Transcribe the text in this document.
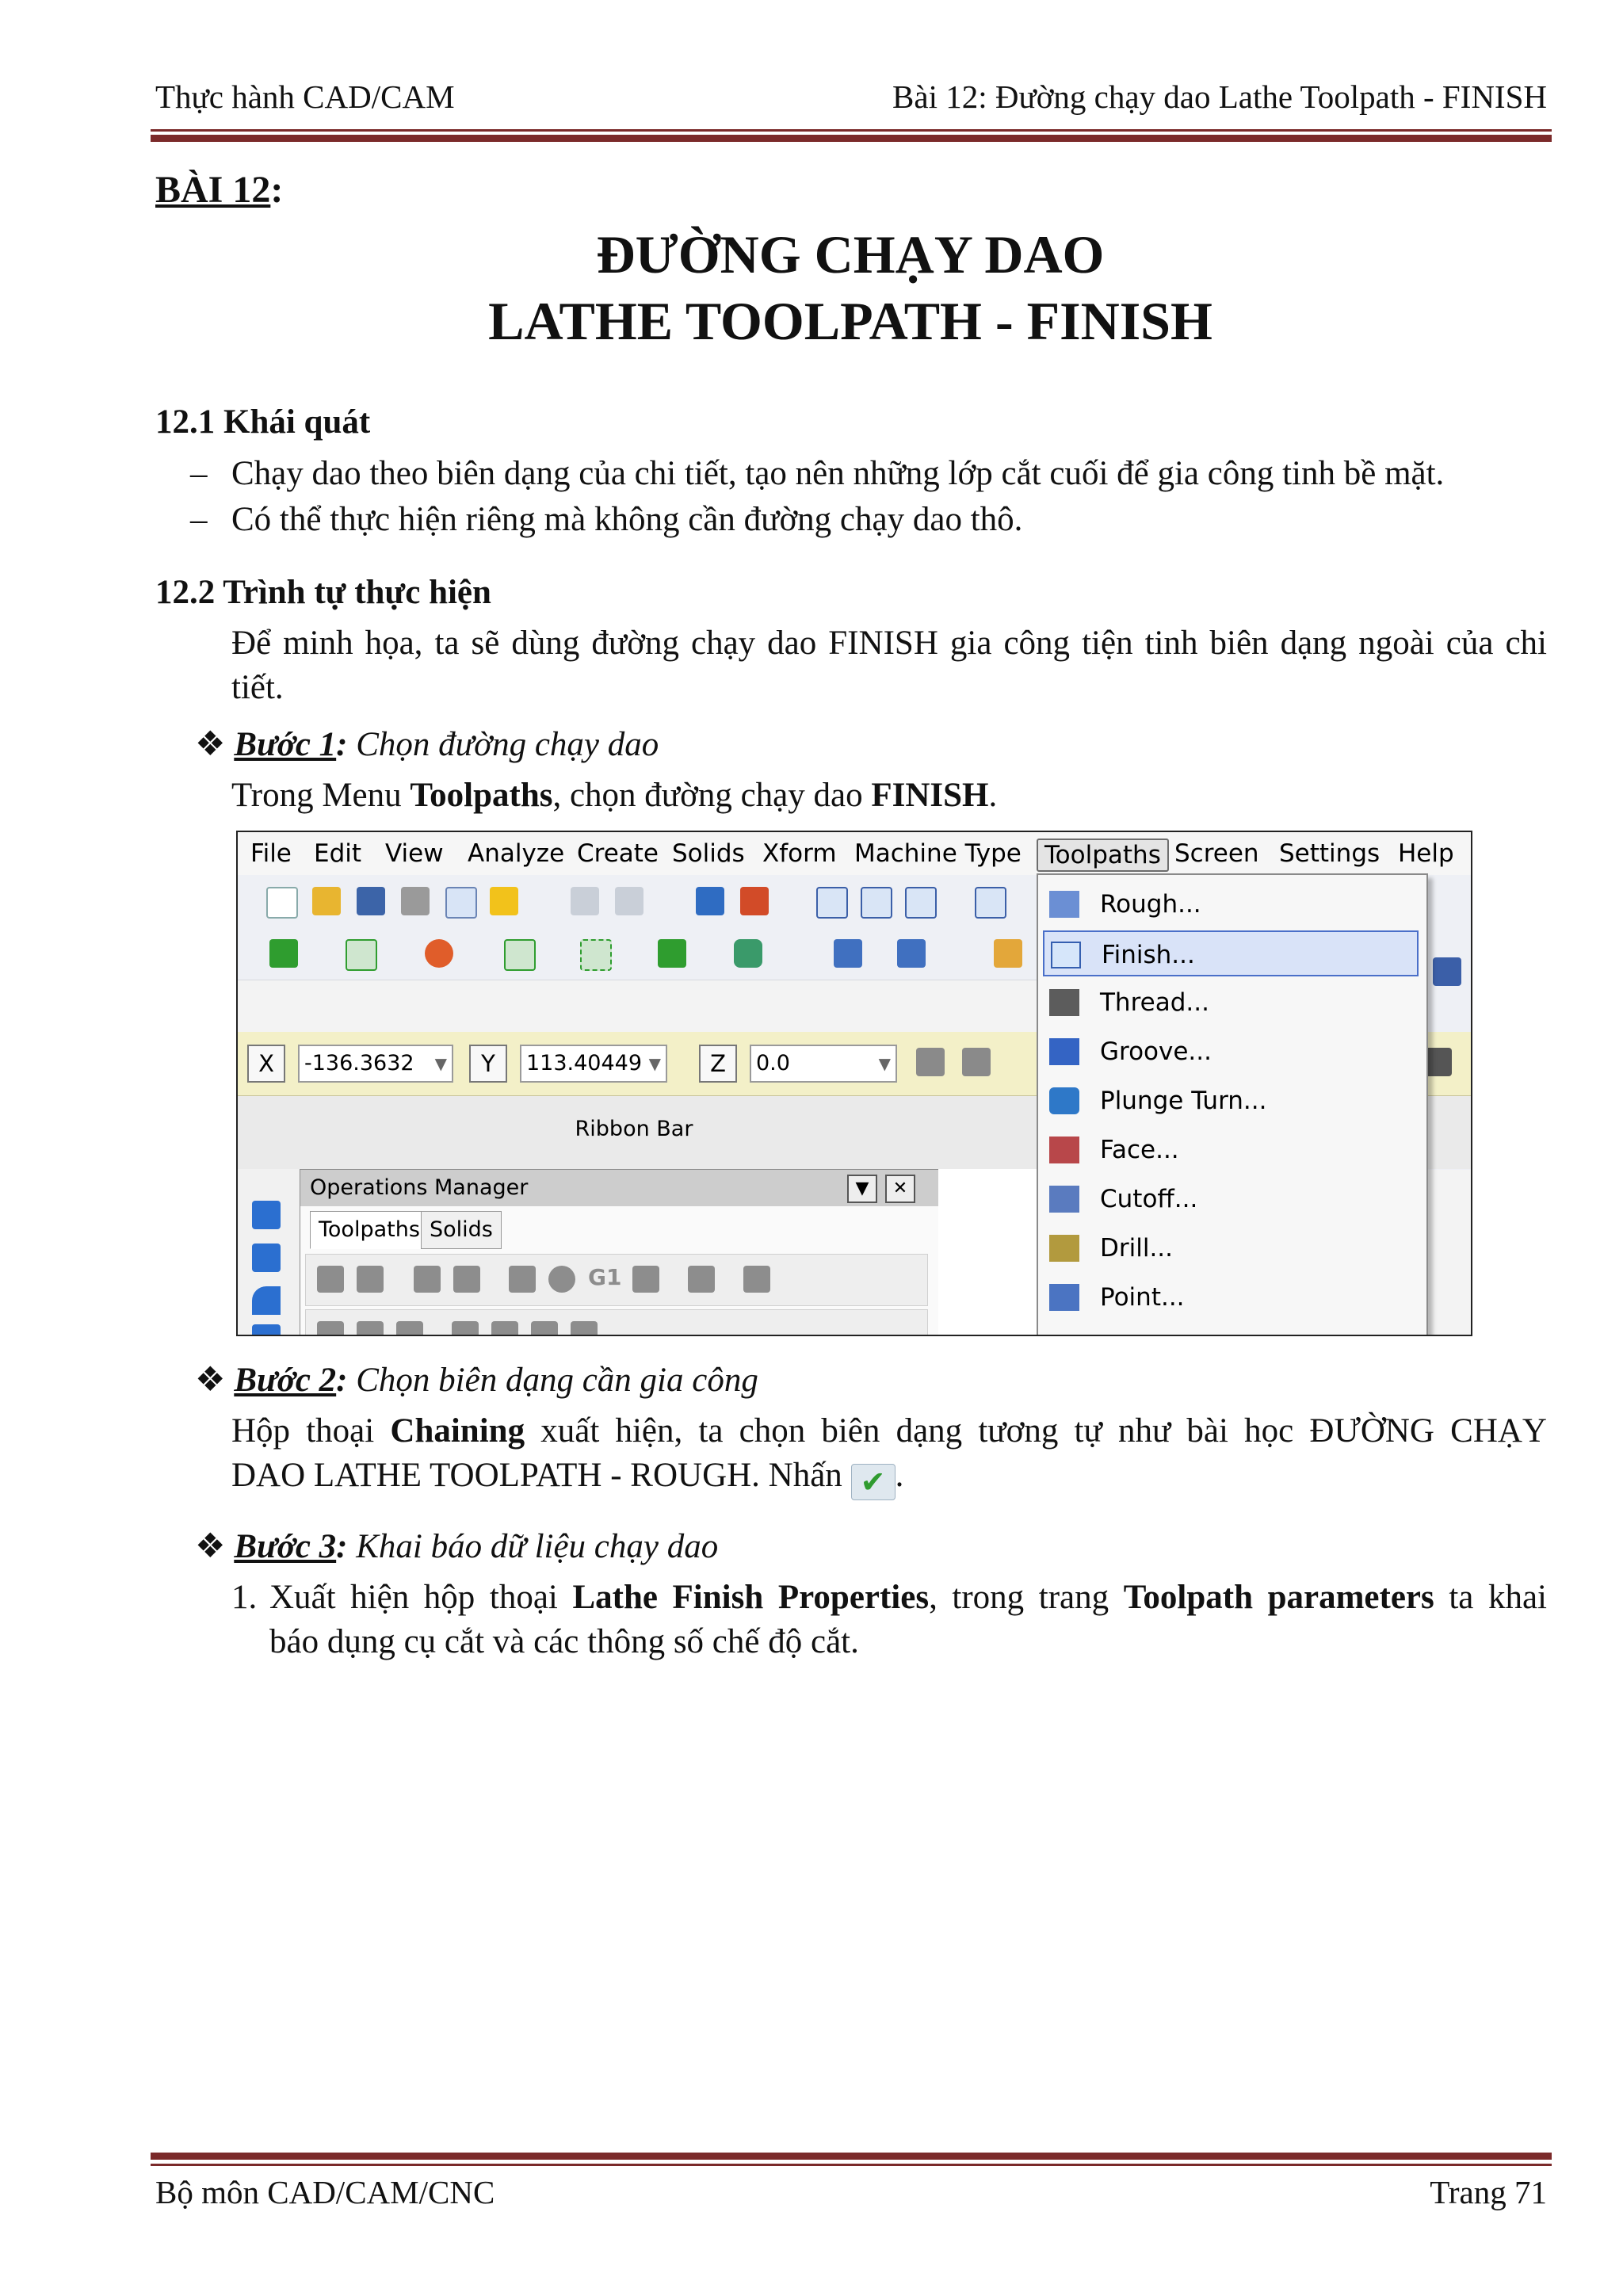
Thực hành CAD/CAM	Bài 12: Đường chạy dao Lathe Toolpath - FINISH
BÀI 12:
ĐƯỜNG CHẠY DAO
LATHE TOOLPATH - FINISH
12.1 Khái quát
– Chạy dao theo biên dạng của chi tiết, tạo nên những lớp cắt cuối để gia công tinh bề mặt.
– Có thể thực hiện riêng mà không cần đường chạy dao thô.
12.2 Trình tự thực hiện
Để minh họa, ta sẽ dùng đường chạy dao FINISH gia công tiện tinh biên dạng ngoài của chi
tiết.
❖ Bước 1: Chọn đường chạy dao
Trong Menu Toolpaths, chọn đường chạy dao FINISH.
File Edit View Analyze Create Solids Xform Machine Type Toolpaths Screen Settings Help
X	-136.3632 ▼	Y	113.40449 ▼	Z	0.0	▼
Ribbon Bar
Operations Manager	▼	✕
Toolpaths Solids
G1
Rough...
Finish...
Thread...
Groove...
Plunge Turn...
Face...
Cutoff...
Drill...
Point...
❖ Bước 2: Chọn biên dạng cần gia công
Hộp thoại Chaining xuất hiện, ta chọn biên dạng tương tự như bài học ĐƯỜNG CHẠY
DAO LATHE TOOLPATH - ROUGH. Nhấn ✔ .
❖ Bước 3: Khai báo dữ liệu chạy dao
1. Xuất hiện hộp thoại Lathe Finish Properties, trong trang Toolpath parameters ta khai
báo dụng cụ cắt và các thông số chế độ cắt.
Bộ môn CAD/CAM/CNC	Trang 71
